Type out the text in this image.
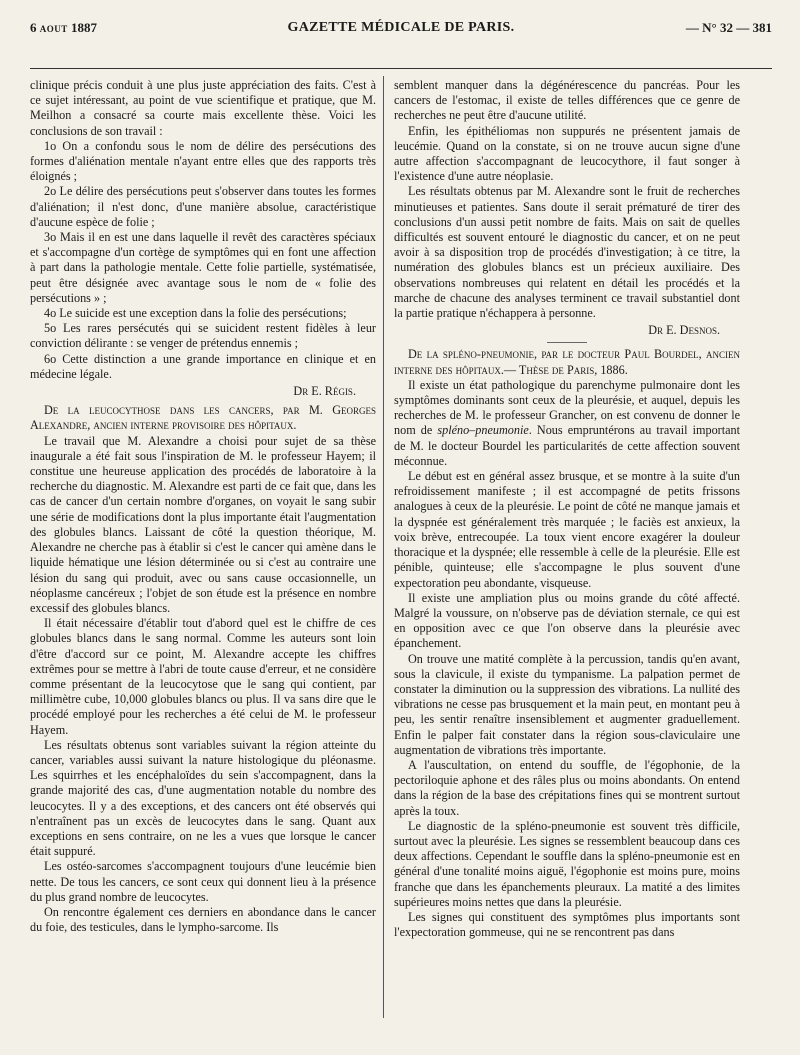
6 AOUT 1887	GAZETTE MÉDICALE DE PARIS.	— N° 32 — 381

clinique précis conduit à une plus juste appréciation des faits. C'est à ce sujet intéressant, au point de vue scientifique et pratique, que M. Meilhon a consacré sa courte mais excellente thèse. Voici les conclusions de son travail :

1o On a confondu sous le nom de délire des persécutions des formes d'aliénation mentale n'ayant entre elles que des rapports très éloignés ;

2o Le délire des persécutions peut s'observer dans toutes les formes d'aliénation; il n'est donc, d'une manière absolue, caractéristique d'aucune espèce de folie ;

3o Mais il en est une dans laquelle il revêt des caractères spéciaux et s'accompagne d'un cortège de symptômes qui en font une affection à part dans la pathologie mentale. Cette folie partielle, systématisée, peut être désignée avec avantage sous le nom de « folie des persécutions » ;

4o Le suicide est une exception dans la folie des persécutions;

5o Les rares persécutés qui se suicident restent fidèles à leur conviction délirante : se venger de prétendus ennemis ;

6o Cette distinction a une grande importance en clinique et en médecine légale.

Dr E. Régis.

De la leucocythose dans les cancers, par M. Georges Alexandre, ancien interne provisoire des hôpitaux.

Le travail que M. Alexandre a choisi pour sujet de sa thèse inaugurale a été fait sous l'inspiration de M. le professeur Hayem; il constitue une heureuse application des procédés de laboratoire à la recherche du diagnostic. M. Alexandre est parti de ce fait que, dans les cas de cancer d'un certain nombre d'organes, on voyait le sang subir une série de modifications dont la plus importante était l'augmentation des globules blancs. Laissant de côté la question théorique, M. Alexandre ne cherche pas à établir si c'est le cancer qui amène dans le liquide hématique une lésion déterminée ou si c'est au contraire une lésion du sang qui produit, avec ou sans cause occasionnelle, un néoplasme cancéreux ; l'objet de son étude est la présence en nombre excessif des globules blancs.

Il était nécessaire d'établir tout d'abord quel est le chiffre de ces globules blancs dans le sang normal. Comme les auteurs sont loin d'être d'accord sur ce point, M. Alexandre accepte les chiffres extrêmes pour se mettre à l'abri de toute cause d'erreur, et ne considère comme présentant de la leucocytose que le sang qui contient, par millimètre cube, 10,000 globules blancs ou plus. Il va sans dire que le procédé employé pour les recherches a été celui de M. le professeur Hayem.

Les résultats obtenus sont variables suivant la région atteinte du cancer, variables aussi suivant la nature histologique du pléonasme. Les squirrhes et les encéphaloïdes du sein s'accompagnent, dans la grande majorité des cas, d'une augmentation notable du nombre des leucocytes. Il y a des exceptions, et des cancers ont été observés qui n'entraînent pas un excès de leucocytes dans le sang. Quant aux exceptions en sens contraire, on ne les a vues que lorsque le cancer était suppuré.

Les ostéo-sarcomes s'accompagnent toujours d'une leucémie bien nette. De tous les cancers, ce sont ceux qui donnent lieu à la présence du plus grand nombre de leucocytes.

On rencontre également ces derniers en abondance dans le cancer du foie, des testicules, dans le lympho-sarcome. Ils

semblent manquer dans la dégénérescence du pancréas. Pour les cancers de l'estomac, il existe de telles différences que ce genre de recherches ne peut être d'aucune utilité.

Enfin, les épithéliomas non suppurés ne présentent jamais de leucémie. Quand on la constate, si on ne trouve aucun signe d'une autre affection s'accompagnant de leucocythore, il faut songer à l'existence d'une autre néoplasie.

Les résultats obtenus par M. Alexandre sont le fruit de recherches minutieuses et patientes. Sans doute il serait prématuré de tirer des conclusions d'un aussi petit nombre de faits. Mais on sait de quelles difficultés est souvent entouré le diagnostic du cancer, et on ne peut avoir à sa disposition trop de procédés d'investigation; à ce titre, la numération des globules blancs est un précieux auxiliaire. Des observations nombreuses qui relatent en détail les procédés et la marche de chacune des analyses terminent ce travail substantiel dont la partie pratique n'échappera à personne.

Dr E. Desnos.

De la spléno-pneumonie, par le docteur Paul Bourdel, ancien interne des hôpitaux.— Thèse de Paris, 1886.

Il existe un état pathologique du parenchyme pulmonaire dont les symptômes dominants sont ceux de la pleurésie, et auquel, depuis les recherches de M. le professeur Grancher, on est convenu de donner le nom de spléno–pneumonie. Nous empruntérons au travail important de M. le docteur Bourdel les particularités de cette affection souvent méconnue.

Le début est en général assez brusque, et se montre à la suite d'un refroidissement manifeste ; il est accompagné de petits frissons analogues à ceux de la pleurésie. Le point de côté ne manque jamais et la dyspnée est généralement très marquée ; le faciès est anxieux, la voix brève, entrecoupée. La toux vient encore exagérer la douleur thoracique et la dyspnée; elle ressemble à celle de la pleurésie. Elle est pénible, quinteuse; elle s'accompagne le plus souvent d'une expectoration peu abondante, visqueuse.

Il existe une ampliation plus ou moins grande du côté affecté. Malgré la voussure, on n'observe pas de déviation sternale, ce qui est en opposition avec ce que l'on observe dans la pleurésie avec épanchement.

On trouve une matité complète à la percussion, tandis qu'en avant, sous la clavicule, il existe du tympanisme. La palpation permet de constater la diminution ou la suppression des vibrations. La nullité des vibrations ne cesse pas brusquement et la main peut, en montant peu à peu, les sentir renaître insensiblement et augmenter graduellement. Enfin le palper fait constater dans la région sous-claviculaire une augmentation de vibrations très importante.

A l'auscultation, on entend du souffle, de l'égophonie, de la pectoriloquie aphone et des râles plus ou moins abondants. On entend dans la région de la base des crépitations fines qui se montrent surtout après la toux.

Le diagnostic de la spléno-pneumonie est souvent très difficile, surtout avec la pleurésie. Les signes se ressemblent beaucoup dans ces deux affections. Cependant le souffle dans la spléno-pneumonie est en général d'une tonalité moins aiguë, l'égophonie est moins pure, moins franche que dans les épanchements pleuraux. La matité a des limites supérieures moins nettes que dans la pleurésie.

Les signes qui constituent des symptômes plus importants sont l'expectoration gommeuse, qui ne se rencontrent pas dans
